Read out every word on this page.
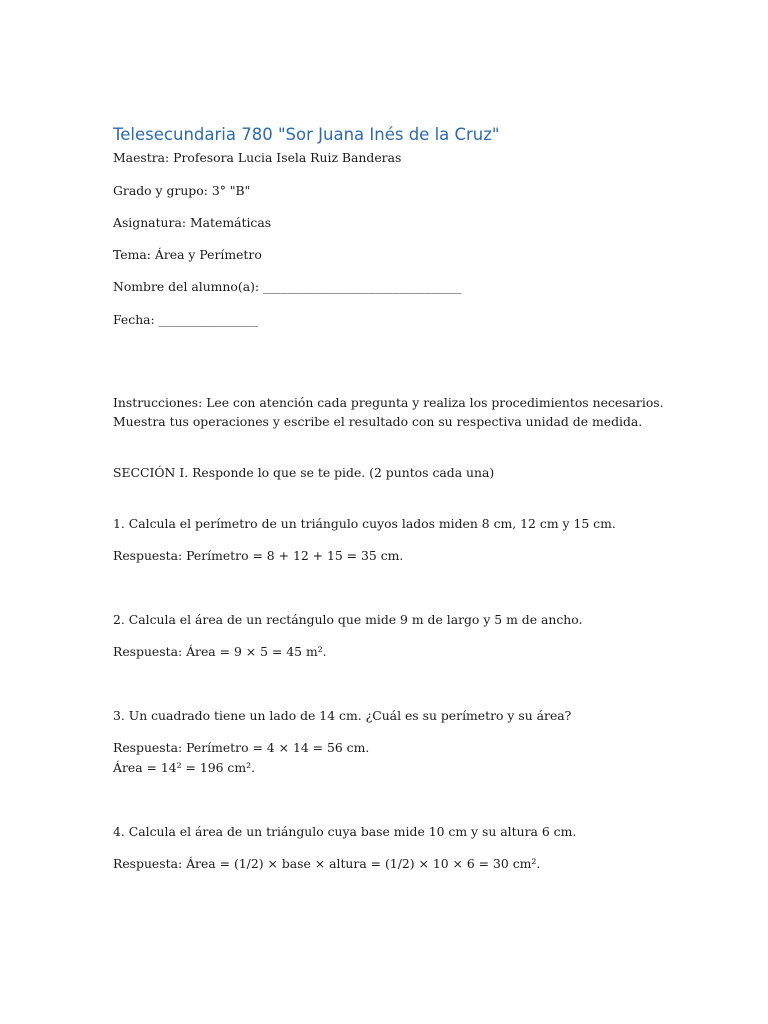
Telesecundaria 780 "Sor Juana Inés de la Cruz"

Maestra: Profesora Lucia Isela Ruiz Banderas

Grado y grupo: 3° "B"

Asignatura: Matemáticas

Tema: Área y Perímetro

Nombre del alumno(a): ________________________________

Fecha: ________________

Instrucciones: Lee con atención cada pregunta y realiza los procedimientos necesarios.

Muestra tus operaciones y escribe el resultado con su respectiva unidad de medida.

SECCIÓN I. Responde lo que se te pide. (2 puntos cada una)

1. Calcula el perímetro de un triángulo cuyos lados miden 8 cm, 12 cm y 15 cm.

Respuesta: Perímetro = 8 + 12 + 15 = 35 cm.

2. Calcula el área de un rectángulo que mide 9 m de largo y 5 m de ancho.

Respuesta: Área = 9 × 5 = 45 m².

3. Un cuadrado tiene un lado de 14 cm. ¿Cuál es su perímetro y su área?

Respuesta: Perímetro = 4 × 14 = 56 cm.

Área = 14² = 196 cm².

4. Calcula el área de un triángulo cuya base mide 10 cm y su altura 6 cm.

Respuesta: Área = (1/2) × base × altura = (1/2) × 10 × 6 = 30 cm².
